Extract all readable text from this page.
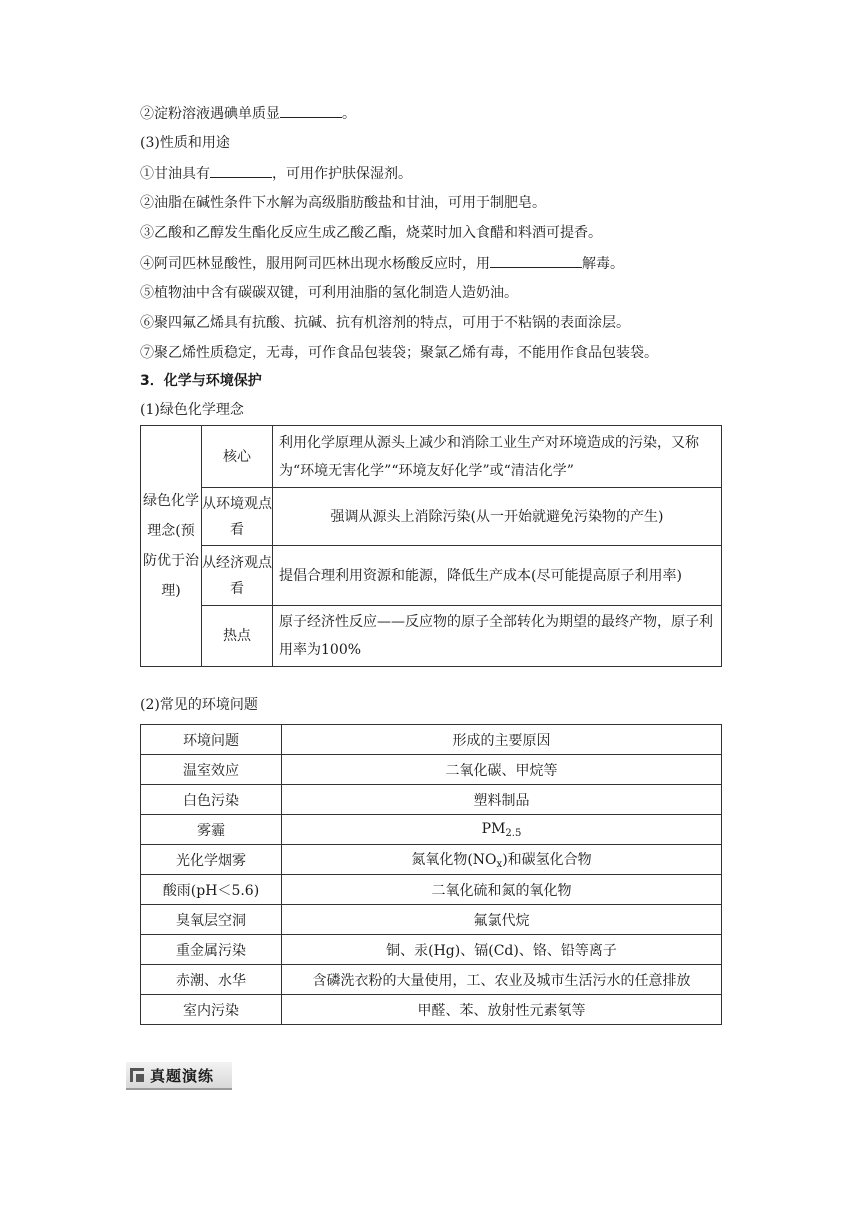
②淀粉溶液遇碘单质显	。
(3)性质和用途
①甘油具有	，可用作护肤保湿剂。
②油脂在碱性条件下水解为高级脂肪酸盐和甘油，可用于制肥皂。
③乙酸和乙醇发生酯化反应生成乙酸乙酯，烧菜时加入食醋和料酒可提香。
④阿司匹林显酸性，服用阿司匹林出现水杨酸反应时，用	解毒。
⑤植物油中含有碳碳双键，可利用油脂的氢化制造人造奶油。
⑥聚四氟乙烯具有抗酸、抗碱、抗有机溶剂的特点，可用于不粘锅的表面涂层。
⑦聚乙烯性质稳定，无毒，可作食品包装袋；聚氯乙烯有毒，不能用作食品包装袋。
3．化学与环境保护
(1)绿色化学理念
绿色化学理念(预防优于治理)	核心	利用化学原理从源头上减少和消除工业生产对环境造成的污染，又称为“环境无害化学”“环境友好化学”或“清洁化学”
	从环境观点看	强调从源头上消除污染(从一开始就避免污染物的产生)
	从经济观点看	提倡合理利用资源和能源，降低生产成本(尽可能提高原子利用率)
	热点	原子经济性反应——反应物的原子全部转化为期望的最终产物，原子利用率为100%
(2)常见的环境问题
环境问题	形成的主要原因
温室效应	二氧化碳、甲烷等
白色污染	塑料制品
雾霾	$PM_{2.5}$
光化学烟雾	氮氧化物$(NO_x)$和碳氢化合物
酸雨(pH＜5.6)	二氧化硫和氮的氧化物
臭氧层空洞	氟氯代烷
重金属污染	铜、汞(Hg)、镉(Cd)、铬、铅等离子
赤潮、水华	含磷洗衣粉的大量使用，工、农业及城市生活污水的任意排放
室内污染	甲醛、苯、放射性元素氡等
真题演练
